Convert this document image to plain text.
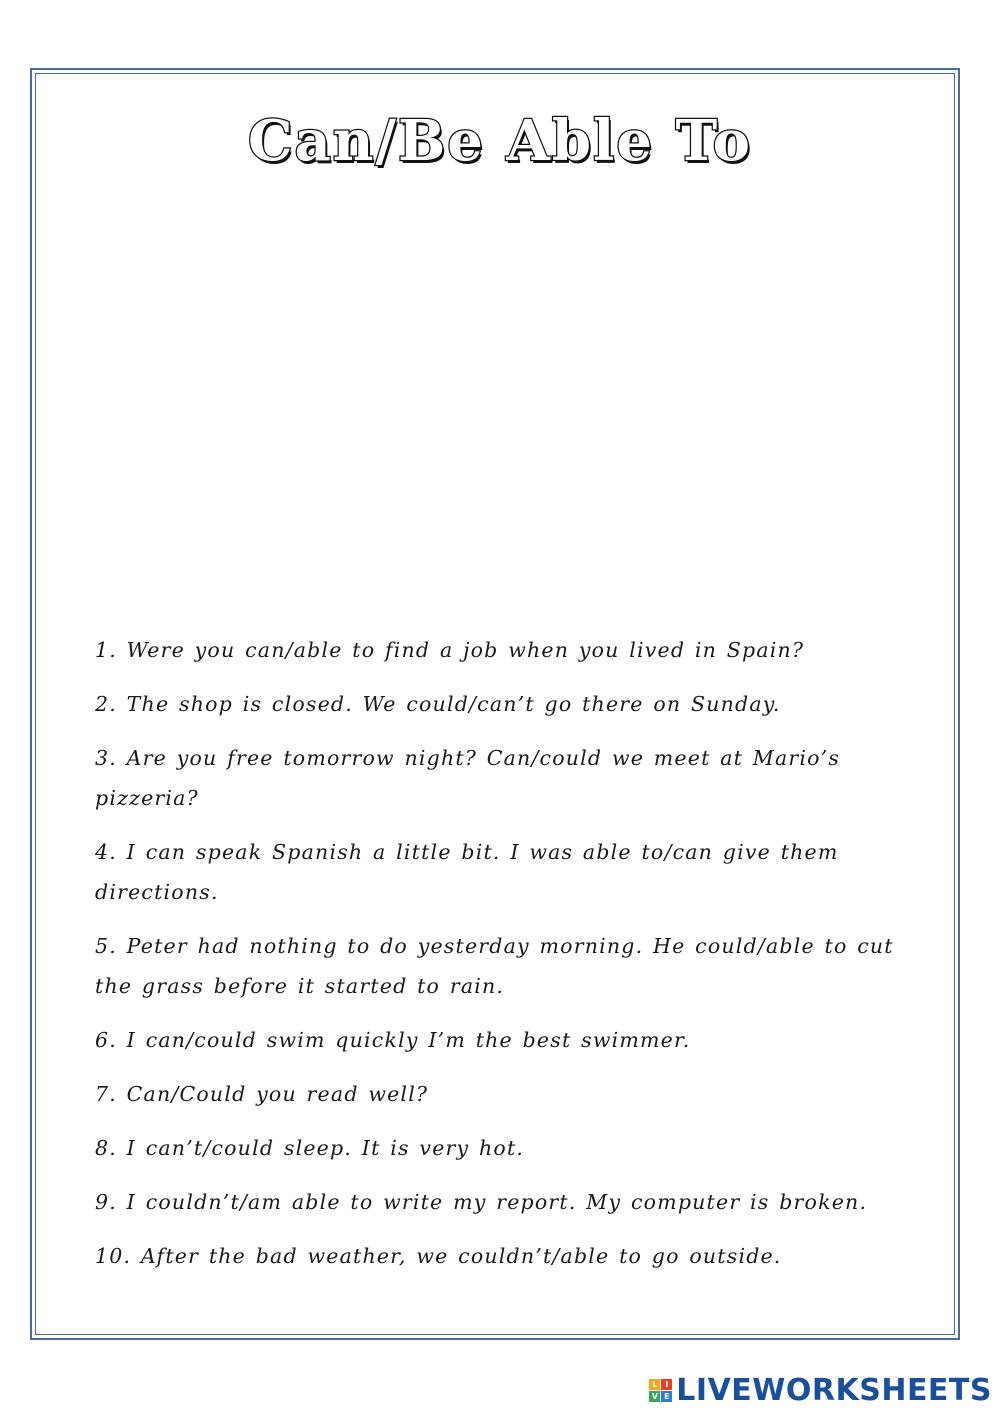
Can/Be Able To
1. Were you can/able to find a job when you lived in Spain?
2. The shop is closed. We could/can’t go there on Sunday.
3. Are you free tomorrow night? Can/could we meet at Mario’s pizzeria?
4. I can speak Spanish a little bit. I was able to/can give them directions.
5. Peter had nothing to do yesterday morning. He could/able to cut the grass before it started to rain.
6. I can/could swim quickly I’m the best swimmer.
7. Can/Could you read well?
8. I can’t/could sleep. It is very hot.
9. I couldn’t/am able to write my report. My computer is broken.
10. After the bad weather, we couldn’t/able to go outside.
L I
V E LIVEWORKSHEETS
